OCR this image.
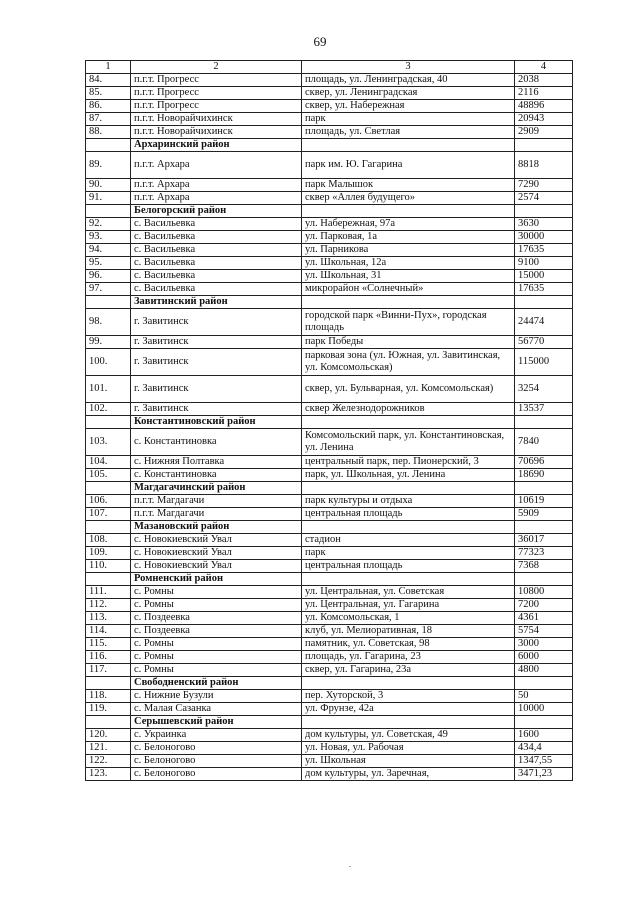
69
1	2	3	4
84.	п.г.т. Прогресс	площадь, ул. Ленинградская, 40	2038
85.	п.г.т. Прогресс	сквер, ул. Ленинградская	2116
86.	п.г.т. Прогресс	сквер, ул. Набережная	48896
87.	п.г.т. Новорайчихинск	парк	20943
88.	п.г.т. Новорайчихинск	площадь, ул. Светлая	2909
	Архаринский район		
89.	п.г.т. Архара	парк им. Ю. Гагарина	8818
90.	п.г.т. Архара	парк Малышок	7290
91.	п.г.т. Архара	сквер «Аллея будущего»	2574
	Белогорский район		
92.	с. Васильевка	ул. Набережная, 97а	3630
93.	с. Васильевка	ул. Парковая, 1а	30000
94.	с. Васильевка	ул. Парникова	17635
95.	с. Васильевка	ул. Школьная, 12а	9100
96.	с. Васильевка	ул. Школьная, 31	15000
97.	с. Васильевка	микрорайон «Солнечный»	17635
	Завитинский район		
98.	г. Завитинск	городской парк «Винни-Пух», городская площадь	24474
99.	г. Завитинск	парк Победы	56770
100.	г. Завитинск	парковая зона (ул. Южная, ул. Завитинская, ул. Комсомольская)	115000
101.	г. Завитинск	сквер, ул. Бульварная, ул. Комсомольская)	3254
102.	г. Завитинск	сквер Железнодорожников	13537
	Константиновский район		
103.	с. Константиновка	Комсомольский парк, ул. Константиновская, ул. Ленина	7840
104.	с. Нижняя Полтавка	центральный парк, пер. Пионерский, 3	70696
105.	с. Константиновка	парк, ул. Школьная, ул. Ленина	18690
	Магдагачинский район		
106.	п.г.т. Магдагачи	парк культуры и отдыха	10619
107.	п.г.т. Магдагачи	центральная площадь	5909
	Мазановский район		
108.	с. Новокиевский Увал	стадион	36017
109.	с. Новокиевский Увал	парк	77323
110.	с. Новокиевский Увал	центральная площадь	7368
	Ромненский район		
111.	с. Ромны	ул. Центральная, ул. Советская	10800
112.	с. Ромны	ул. Центральная, ул. Гагарина	7200
113.	с. Поздеевка	ул. Комсомольская, 1	4361
114.	с. Поздеевка	клуб, ул. Мелиоративная, 18	5754
115.	с. Ромны	памятник, ул. Советская, 98	3000
116.	с. Ромны	площадь, ул. Гагарина, 23	6000
117.	с. Ромны	сквер, ул. Гагарина, 23а	4800
	Свободненский район		
118.	с. Нижние Бузули	пер. Хуторской, 3	50
119.	с. Малая Сазанка	ул. Фрунзе, 42а	10000
	Серышевский район		
120.	с. Украинка	дом культуры, ул. Советская, 49	1600
121.	с. Белоногово	ул. Новая, ул. Рабочая	434,4
122.	с. Белоногово	ул. Школьная	1347,55
123.	с. Белоногово	дом культуры, ул. Заречная,	3471,23
.
